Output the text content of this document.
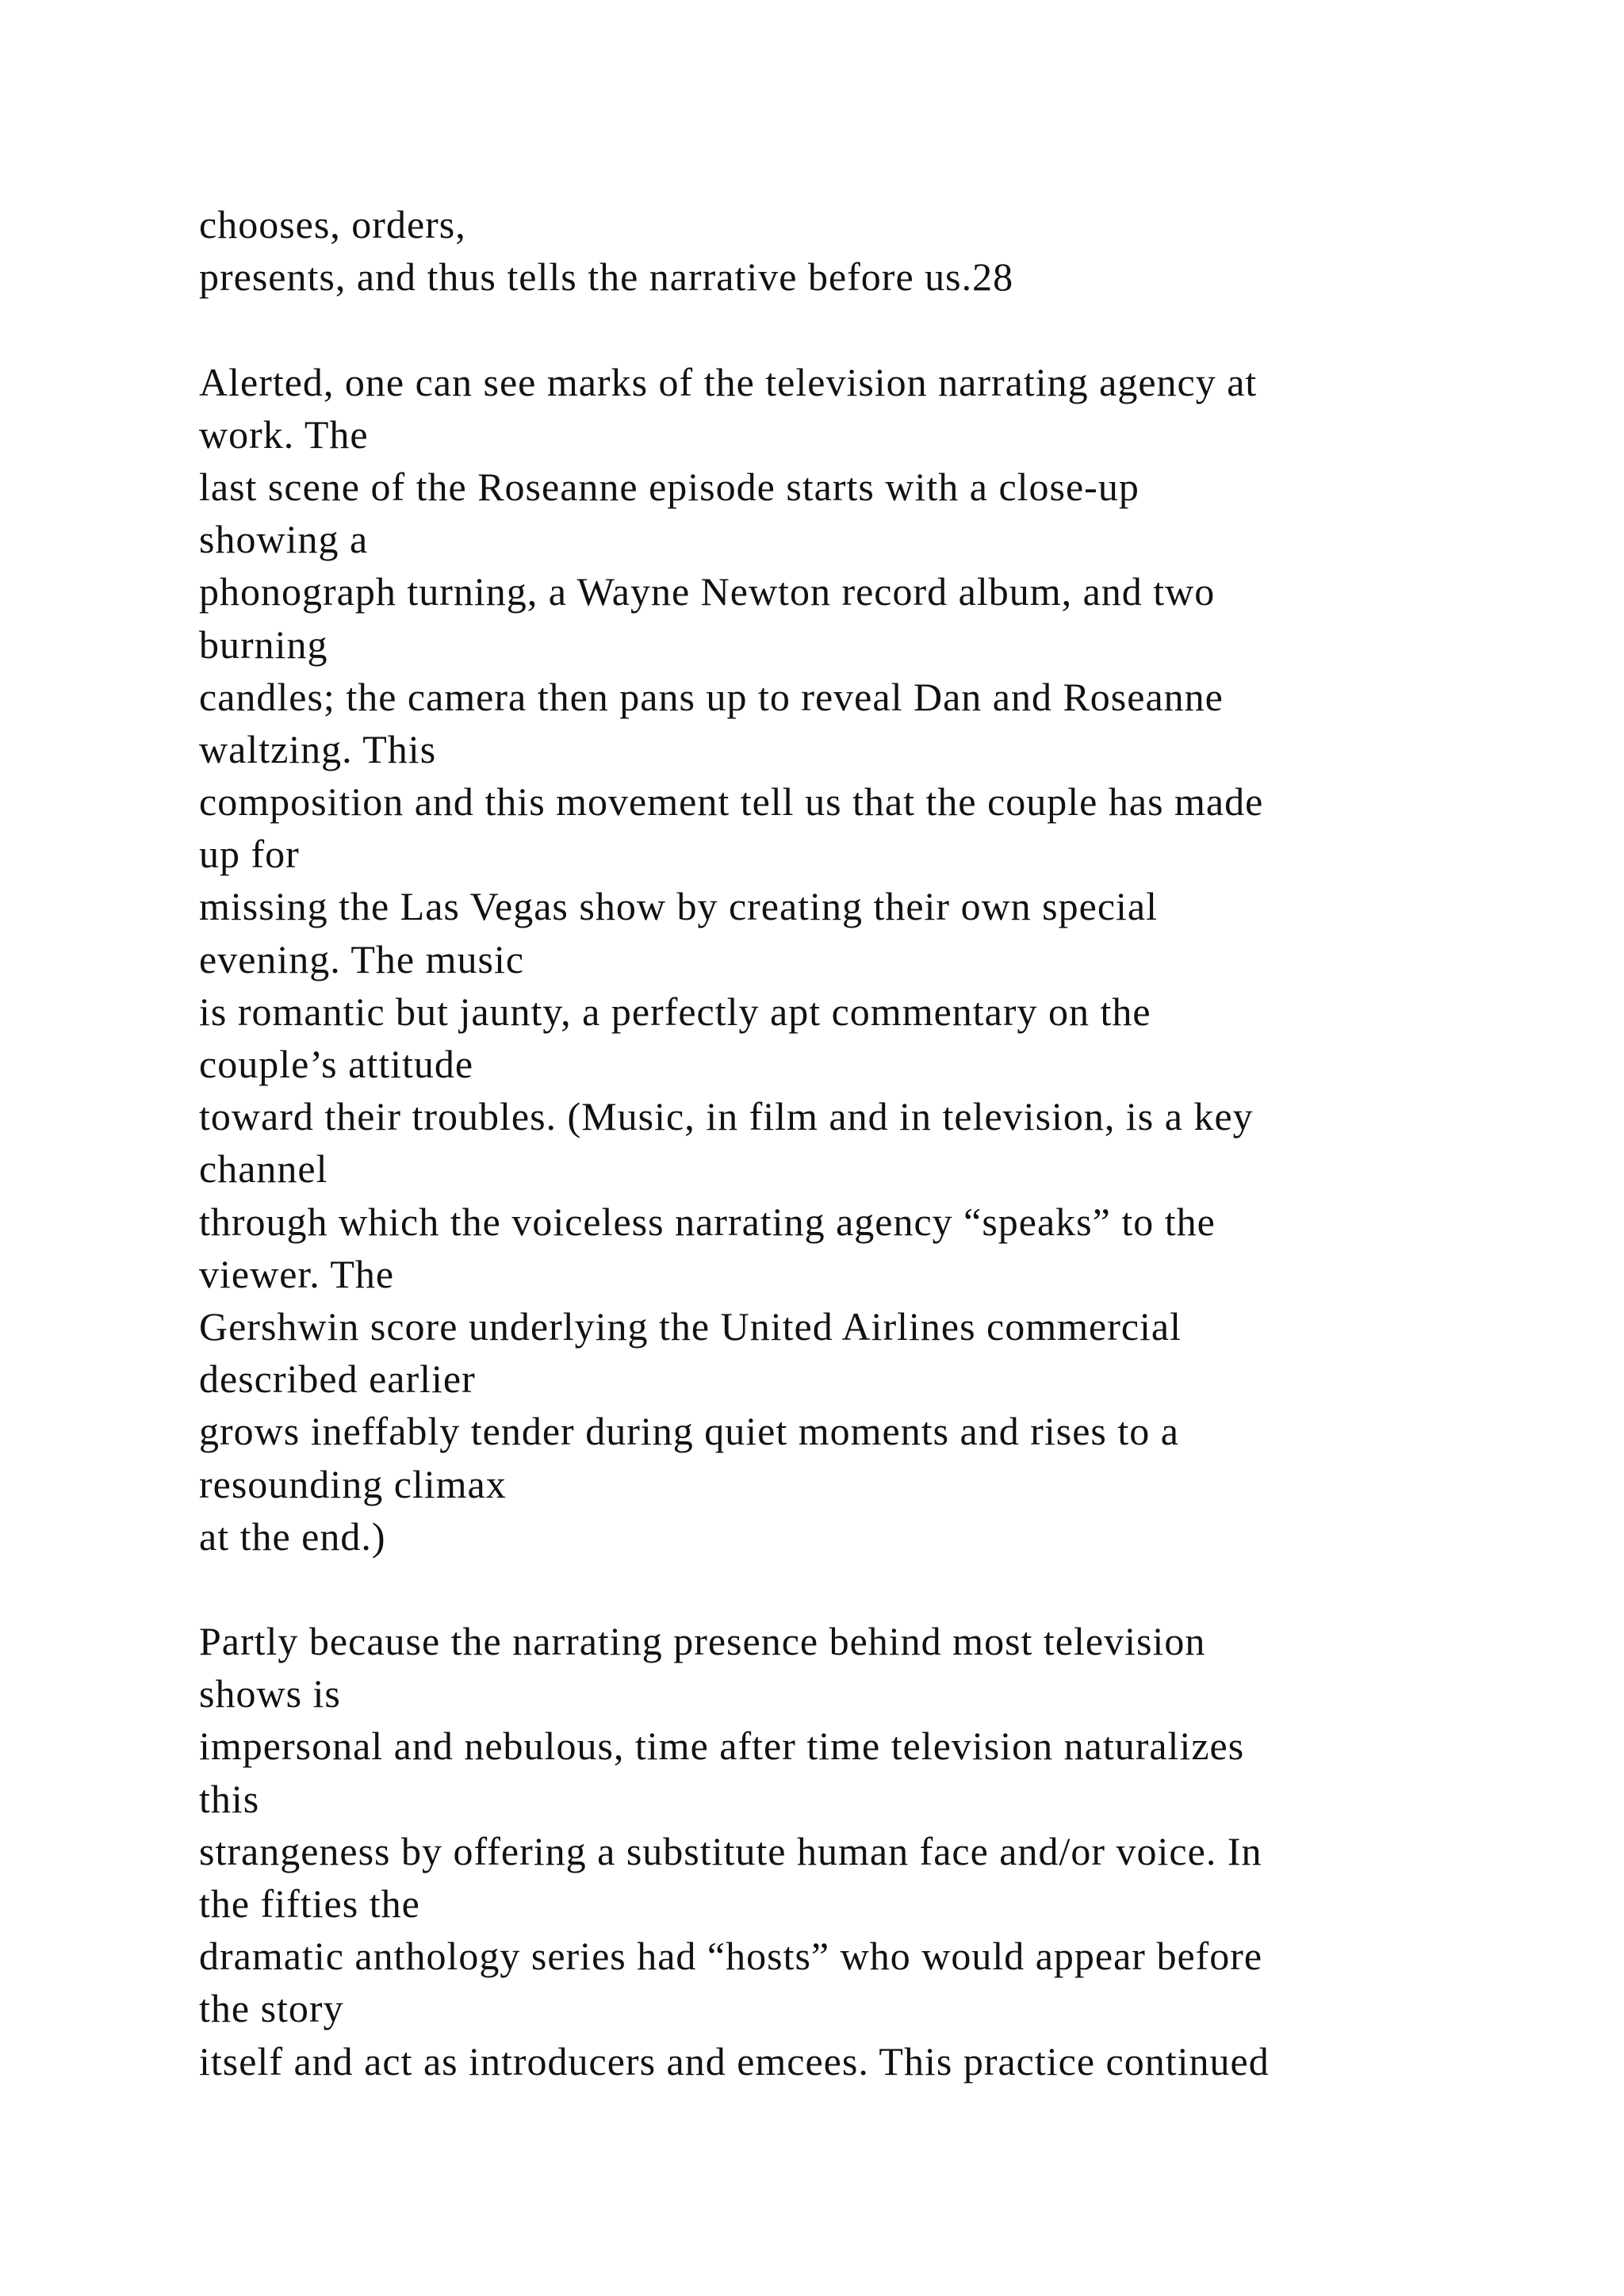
chooses, orders,
presents, and thus tells the narrative before us.28
Alerted, one can see marks of the television narrating agency at
work. The
last scene of the Roseanne episode starts with a close-up
showing a
phonograph turning, a Wayne Newton record album, and two
burning
candles; the camera then pans up to reveal Dan and Roseanne
waltzing. This
composition and this movement tell us that the couple has made
up for
missing the Las Vegas show by creating their own special
evening. The music
is romantic but jaunty, a perfectly apt commentary on the
couple’s attitude
toward their troubles. (Music, in film and in television, is a key
channel
through which the voiceless narrating agency “speaks” to the
viewer. The
Gershwin score underlying the United Airlines commercial
described earlier
grows ineffably tender during quiet moments and rises to a
resounding climax
at the end.)
Partly because the narrating presence behind most television
shows is
impersonal and nebulous, time after time television naturalizes
this
strangeness by offering a substitute human face and/or voice. In
the fifties the
dramatic anthology series had “hosts” who would appear before
the story
itself and act as introducers and emcees. This practice continued
